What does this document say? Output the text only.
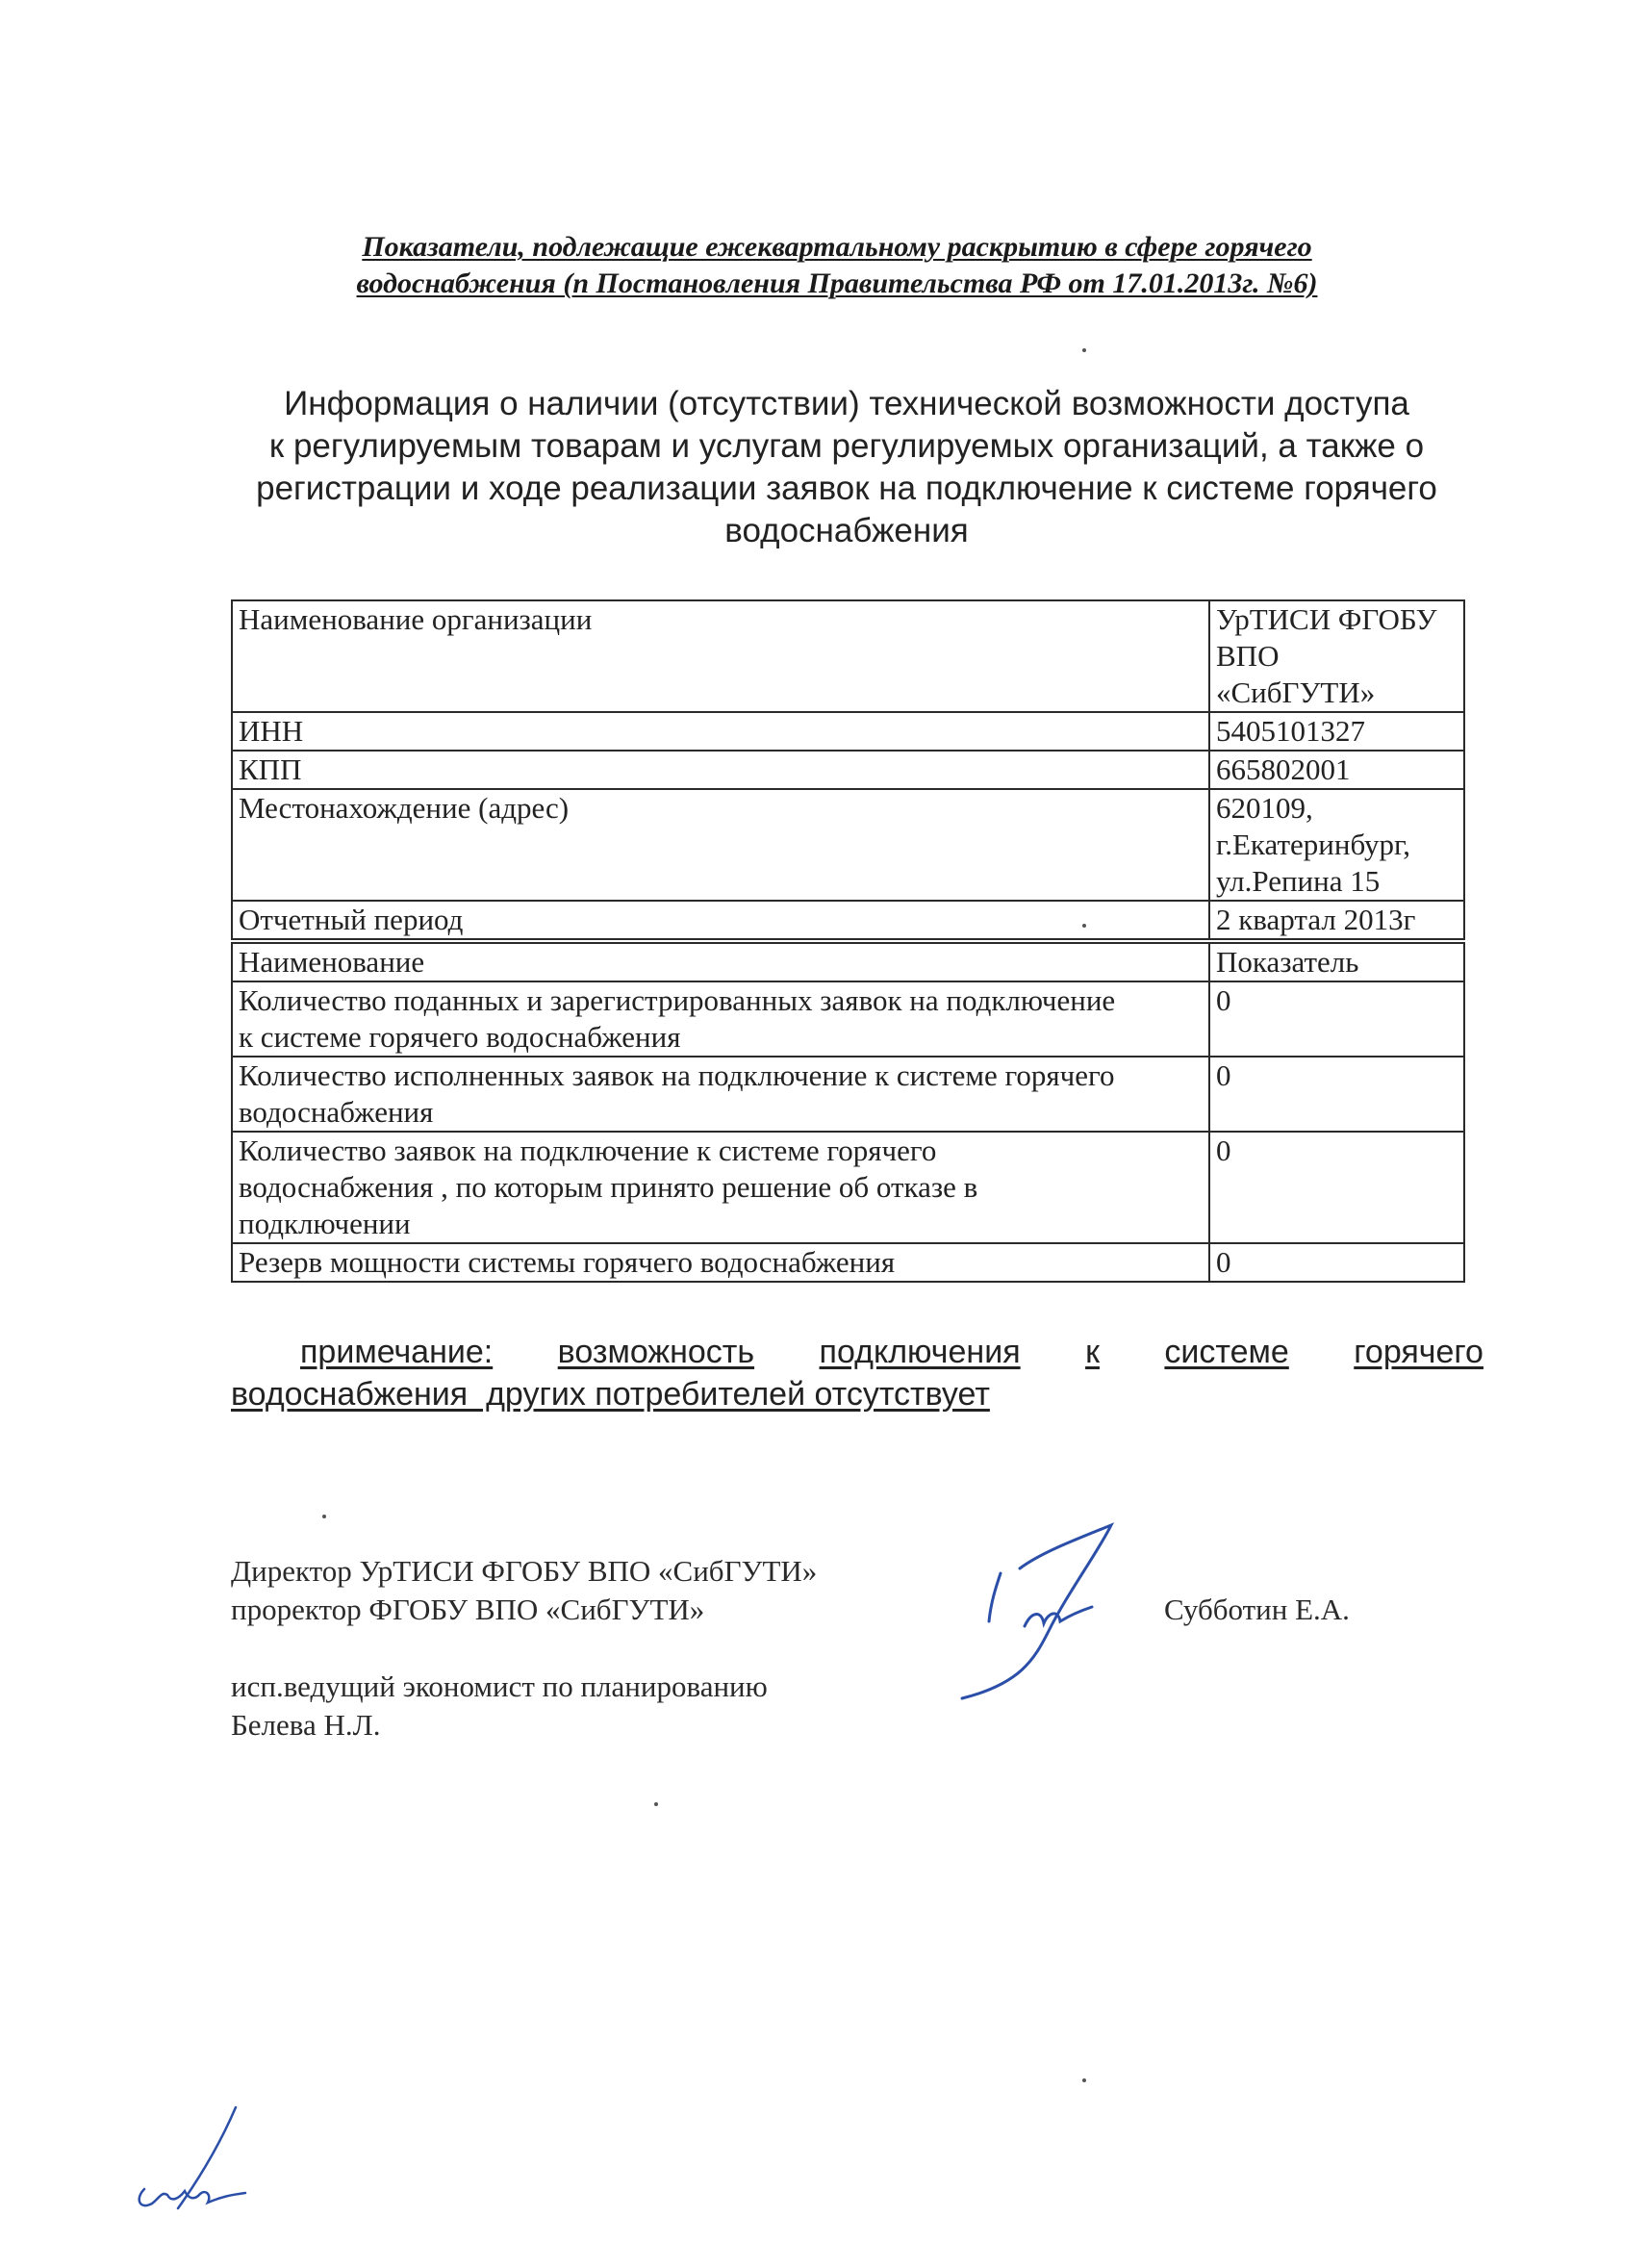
Показатели, подлежащие ежеквартальному раскрытию в сфере горячего
водоснабжения (п Постановления Правительства РФ от 17.01.2013г. №6)
Информация о наличии (отсутствии) технической возможности доступа
к регулируемым товарам и услугам регулируемых организаций, а также о
регистрации и ходе реализации заявок на подключение к системе горячего
водоснабжения
Наименование организации	УрТИСИ ФГОБУ ВПО
«СибГУТИ»

ИНН	5405101327
КПП	665802001
Местонахождение (адрес)	620109,
г.Екатеринбург,
ул.Репина 15

Отчетный период	2 квартал 2013г
Наименование	Показатель

Количество поданных и зарегистрированных заявок на подключение
к системе горячего водоснабжения	0

Количество исполненных заявок на подключение к системе горячего
водоснабжения	0

Количество заявок на подключение к системе горячего
водоснабжения , по которым принято решение об отказе в
подключении	0
Резерв мощности системы горячего водоснабжения	0
примечание: возможность подключения к системе горячего
водоснабжения  других потребителей отсутствует
Директор УрТИСИ ФГОБУ ВПО «СибГУТИ»
проректор ФГОБУ ВПО «СибГУТИ»	Субботин Е.А.
исп.ведущий экономист по планированию
Белева Н.Л.
